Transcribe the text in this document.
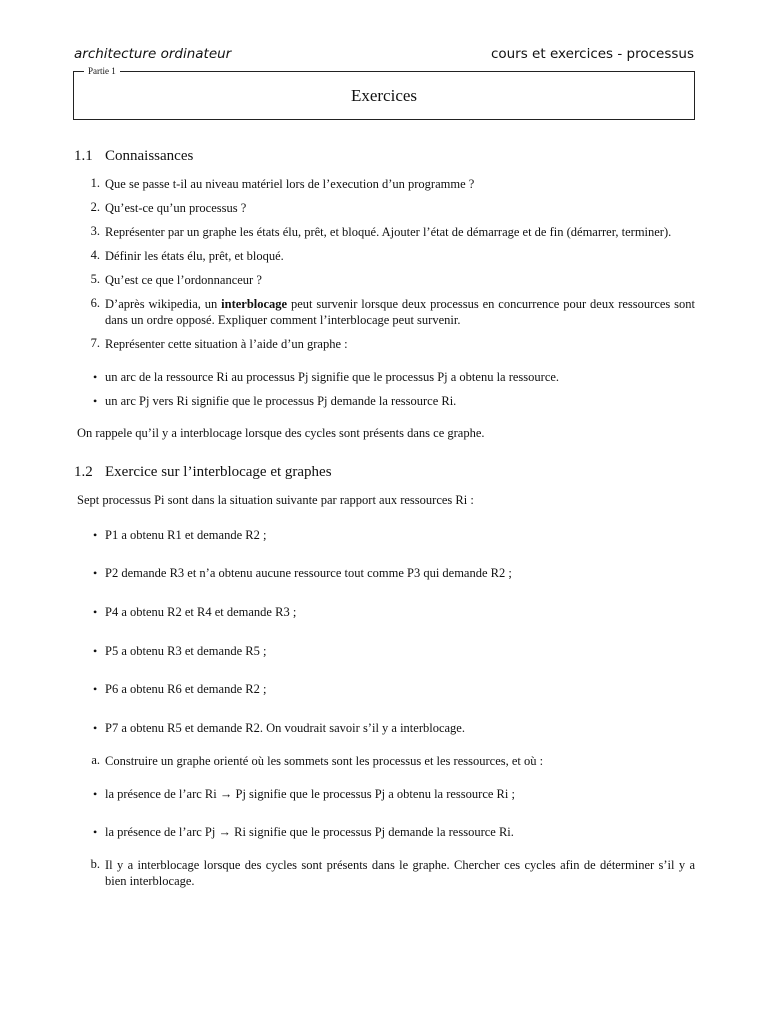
architecture ordinateur	cours et exercices - processus
Partie 1
Exercices
1.1 Connaissances
1. Que se passe t-il au niveau matériel lors de l’execution d’un programme ?
2. Qu’est-ce qu’un processus ?
3. Représenter par un graphe les états élu, prêt, et bloqué. Ajouter l’état de démarrage et de fin (démarrer, terminer).
4. Définir les états élu, prêt, et bloqué.
5. Qu’est ce que l’ordonnanceur ?
6. D’après wikipedia, un interblocage peut survenir lorsque deux processus en concurrence pour deux ressources sont dans un ordre opposé. Expliquer comment l’interblocage peut survenir.
7. Représenter cette situation à l’aide d’un graphe :
• un arc de la ressource Ri au processus Pj signifie que le processus Pj a obtenu la ressource.
• un arc Pj vers Ri signifie que le processus Pj demande la ressource Ri.
On rappele qu’il y a interblocage lorsque des cycles sont présents dans ce graphe.
1.2 Exercice sur l’interblocage et graphes
Sept processus Pi sont dans la situation suivante par rapport aux ressources Ri :
• P1 a obtenu R1 et demande R2 ;
• P2 demande R3 et n’a obtenu aucune ressource tout comme P3 qui demande R2 ;
• P4 a obtenu R2 et R4 et demande R3 ;
• P5 a obtenu R3 et demande R5 ;
• P6 a obtenu R6 et demande R2 ;
• P7 a obtenu R5 et demande R2. On voudrait savoir s’il y a interblocage.
a. Construire un graphe orienté où les sommets sont les processus et les ressources, et où :
• la présence de l’arc Ri → Pj signifie que le processus Pj a obtenu la ressource Ri ;
• la présence de l’arc Pj → Ri signifie que le processus Pj demande la ressource Ri.
b. Il y a interblocage lorsque des cycles sont présents dans le graphe. Chercher ces cycles afin de déterminer s’il y a bien interblocage.
